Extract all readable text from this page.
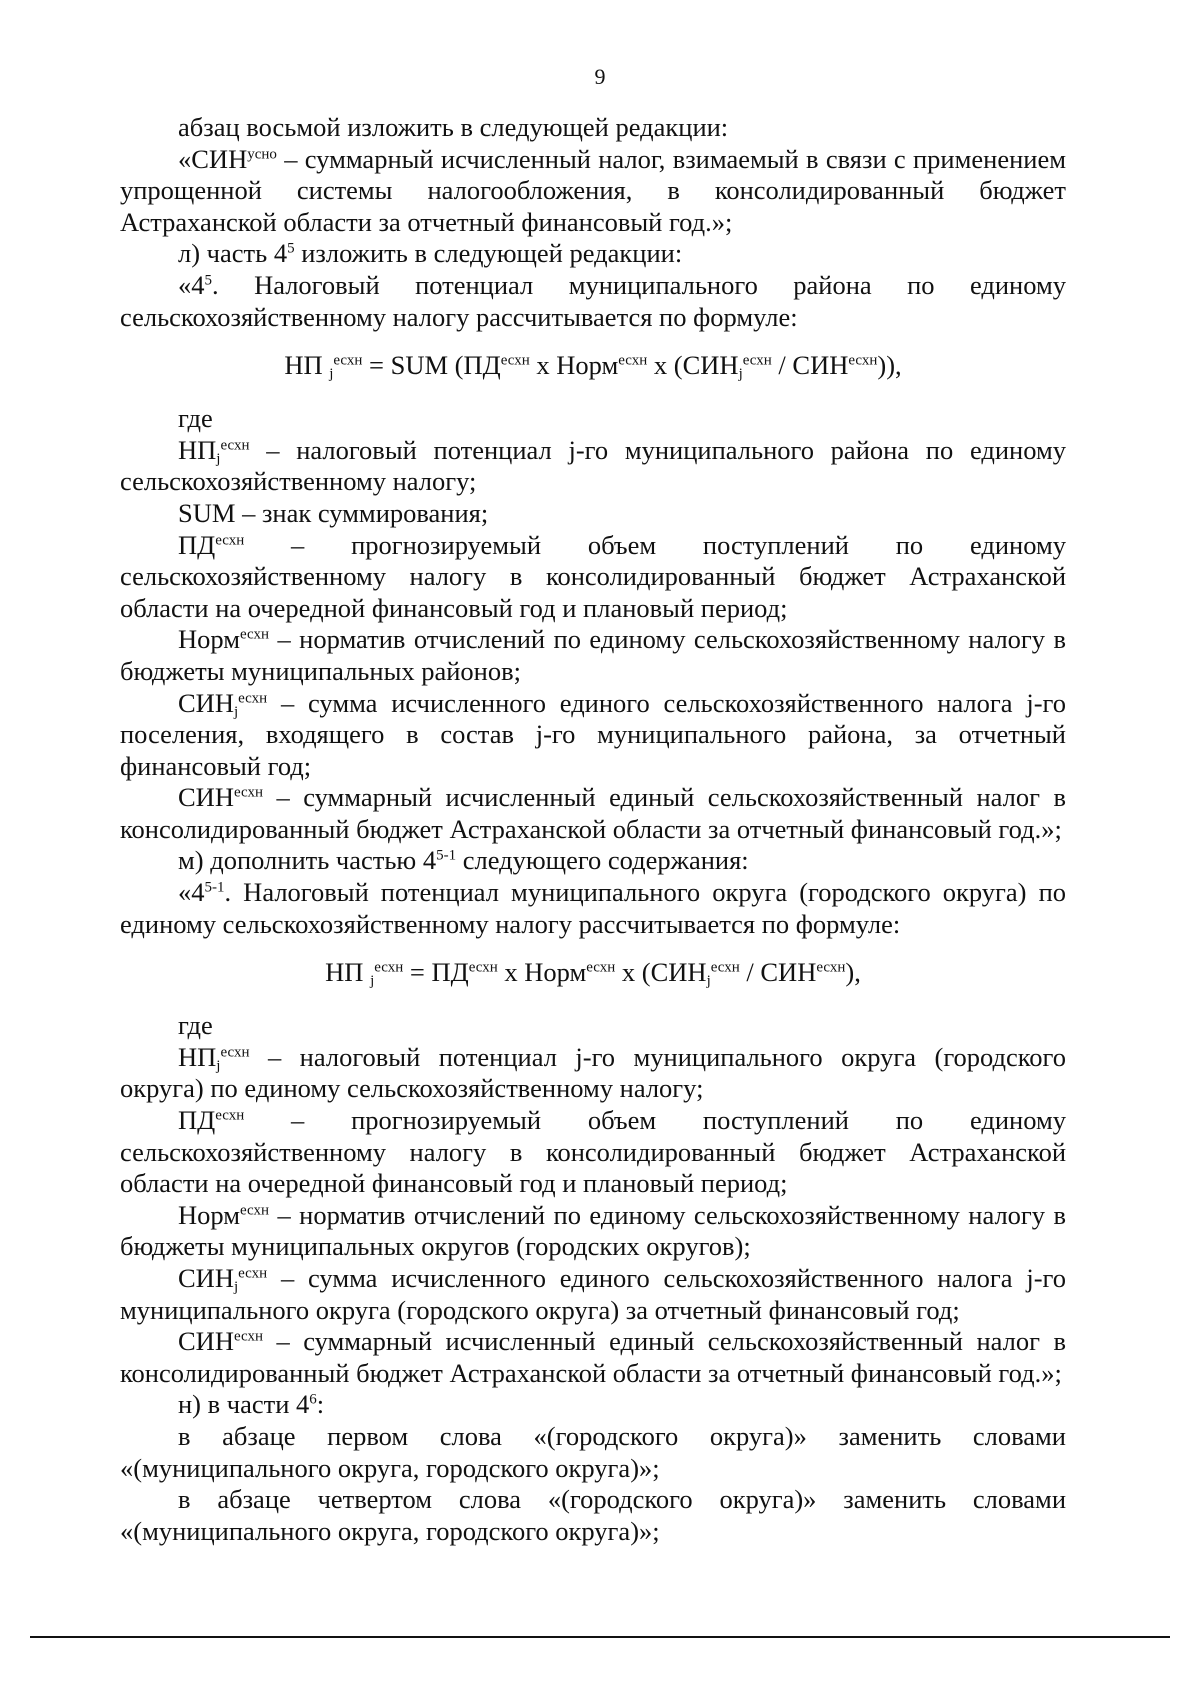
9

абзац восьмой изложить в следующей редакции:

«$СИН^{усно}$ – суммарный исчисленный налог, взимаемый в связи с применением упрощенной системы налогообложения, в консолидированный бюджет Астраханской области за отчетный финансовый год.»;

л) часть $4^5$ изложить в следующей редакции:

«$4^5$. Налоговый потенциал муниципального района по единому сельскохозяйственному налогу рассчитывается по формуле:

НП $_j^{есхн}$ = SUM ($ПД^{есхн}$ х Норм$^{есхн}$ х $(СИН_j^{есхн} / СИН^{есхн})$),

где

$НП_j^{есхн}$ – налоговый потенциал j-го муниципального района по единому сельскохозяйственному налогу;

SUM – знак суммирования;

$ПД^{есхн}$ – прогнозируемый объем поступлений по единому сельскохозяйственному налогу в консолидированный бюджет Астраханской области на очередной финансовый год и плановый период;

Норм$^{есхн}$ – норматив отчислений по единому сельскохозяйственному налогу в бюджеты муниципальных районов;

$СИН_j^{есхн}$ – сумма исчисленного единого сельскохозяйственного налога j-го поселения, входящего в состав j-го муниципального района, за отчетный финансовый год;

$СИН^{есхн}$ – суммарный исчисленный единый сельскохозяйственный налог в консолидированный бюджет Астраханской области за отчетный финансовый год.»;

м) дополнить частью 4$^{5-1}$ следующего содержания:

«4$^{5-1}$. Налоговый потенциал муниципального округа (городского округа) по единому сельскохозяйственному налогу рассчитывается по формуле:

НП $_j^{есхн} = ПД^{есхн}$ х Норм$^{есхн}$ х $(СИН_j^{есхн} / СИН^{есхн})$,

где

$НП_j^{есхн}$ – налоговый потенциал j-го муниципального округа (городского округа) по единому сельскохозяйственному налогу;

$ПД^{есхн}$ – прогнозируемый объем поступлений по единому сельскохозяйственному налогу в консолидированный бюджет Астраханской области на очередной финансовый год и плановый период;

Норм$^{есхн}$ – норматив отчислений по единому сельскохозяйственному налогу в бюджеты муниципальных округов (городских округов);

$СИН_j^{есхн}$ – сумма исчисленного единого сельскохозяйственного налога j-го муниципального округа (городского округа) за отчетный финансовый год;

$СИН^{есхн}$ – суммарный исчисленный единый сельскохозяйственный налог в консолидированный бюджет Астраханской области за отчетный финансовый год.»;

н) в части $4^6$:

в абзаце первом слова «(городского округа)» заменить словами «(муниципального округа, городского округа)»;

в абзаце четвертом слова «(городского округа)» заменить словами «(муниципального округа, городского округа)»;
